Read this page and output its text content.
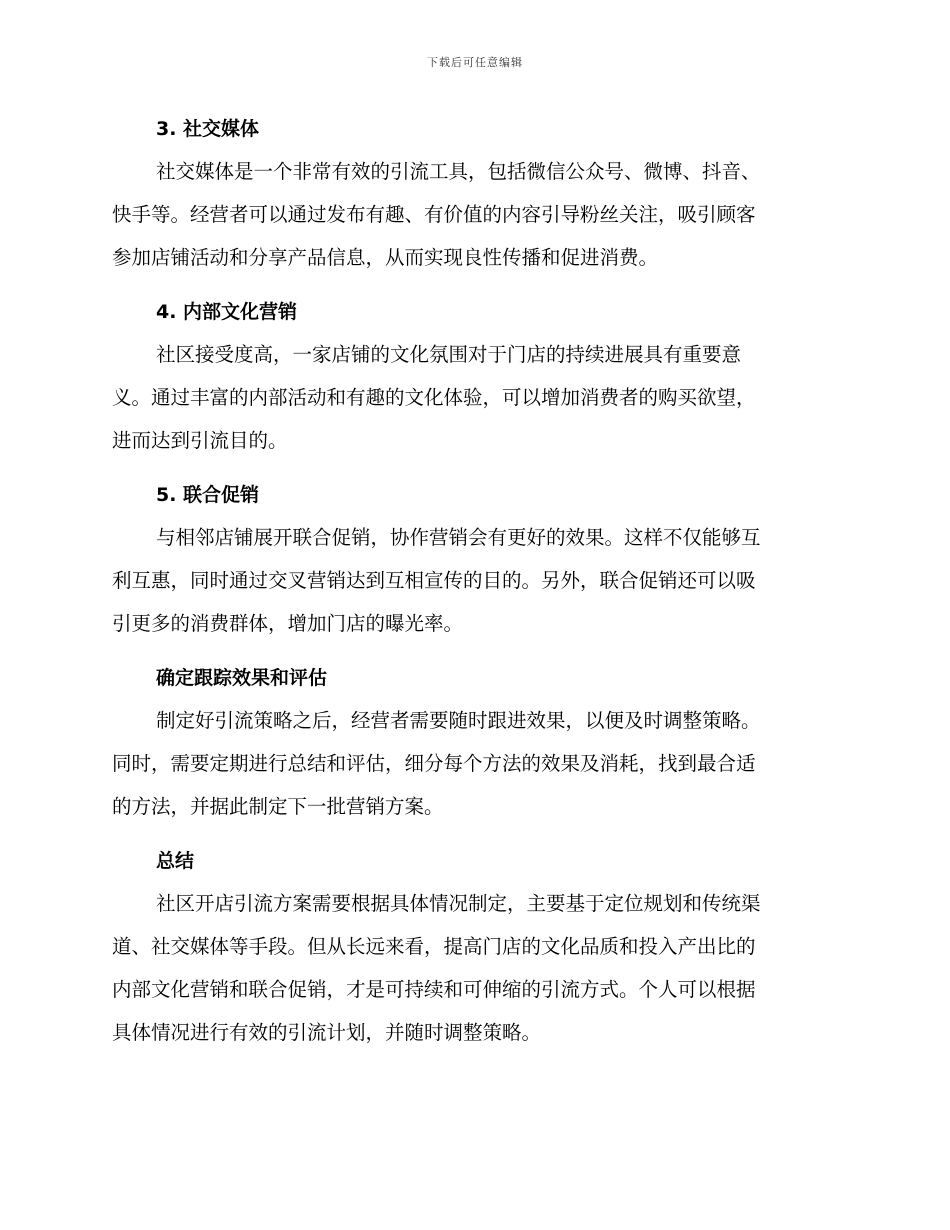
下载后可任意编辑
3. 社交媒体
社交媒体是一个非常有效的引流工具，包括微信公众号、微博、抖音、
快手等。经营者可以通过发布有趣、有价值的内容引导粉丝关注，吸引顾客
参加店铺活动和分享产品信息，从而实现良性传播和促进消费。
4. 内部文化营销
社区接受度高，一家店铺的文化氛围对于门店的持续进展具有重要意
义。通过丰富的内部活动和有趣的文化体验，可以增加消费者的购买欲望，
进而达到引流目的。
5. 联合促销
与相邻店铺展开联合促销，协作营销会有更好的效果。这样不仅能够互
利互惠，同时通过交叉营销达到互相宣传的目的。另外，联合促销还可以吸
引更多的消费群体，增加门店的曝光率。
确定跟踪效果和评估
制定好引流策略之后，经营者需要随时跟进效果，以便及时调整策略。
同时，需要定期进行总结和评估，细分每个方法的效果及消耗，找到最合适
的方法，并据此制定下一批营销方案。
总结
社区开店引流方案需要根据具体情况制定，主要基于定位规划和传统渠
道、社交媒体等手段。但从长远来看，提高门店的文化品质和投入产出比的
内部文化营销和联合促销，才是可持续和可伸缩的引流方式。个人可以根据
具体情况进行有效的引流计划，并随时调整策略。
